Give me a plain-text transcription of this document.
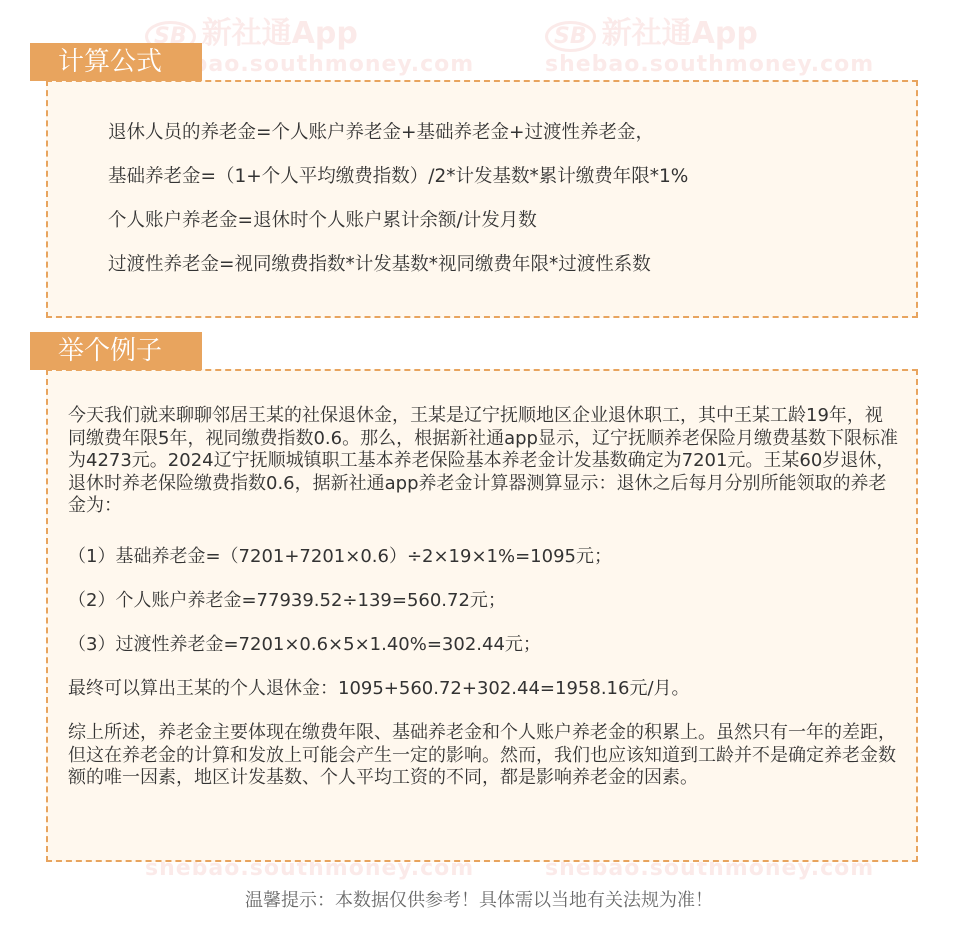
SB 新社通App
shebao.southmoney.com
SB 新社通App
shebao.southmoney.com
shebao.southmoney.com	shebao.southmoney.com
退休人员的养老金=个人账户养老金+基础养老金+过渡性养老金，
基础养老金=（1+个人平均缴费指数）/2*计发基数*累计缴费年限*1%
个人账户养老金=退休时个人账户累计余额/计发月数
过渡性养老金=视同缴费指数*计发基数*视同缴费年限*过渡性系数
计算公式
今天我们就来聊聊邻居王某的社保退休金，王某是辽宁抚顺地区企业退休职工，其中王某工龄19年，视同缴费年限5年，视同缴费指数0.6。那么，根据新社通app显示，辽宁抚顺养老保险月缴费基数下限标准为4273元。2024辽宁抚顺城镇职工基本养老保险基本养老金计发基数确定为7201元。王某60岁退休，退休时养老保险缴费指数0.6，据新社通app养老金计算器测算显示：退休之后每月分别所能领取的养老金为：
（1）基础养老金=（7201+7201×0.6）÷2×19×1%=1095元；
（2）个人账户养老金=77939.52÷139=560.72元；
（3）过渡性养老金=7201×0.6×5×1.40%=302.44元；
最终可以算出王某的个人退休金：1095+560.72+302.44=1958.16元/月。
综上所述，养老金主要体现在缴费年限、基础养老金和个人账户养老金的积累上。虽然只有一年的差距，但这在养老金的计算和发放上可能会产生一定的影响。然而，我们也应该知道到工龄并不是确定养老金数额的唯一因素，地区计发基数、个人平均工资的不同，都是影响养老金的因素。
举个例子
温馨提示：本数据仅供参考！具体需以当地有关法规为准！
